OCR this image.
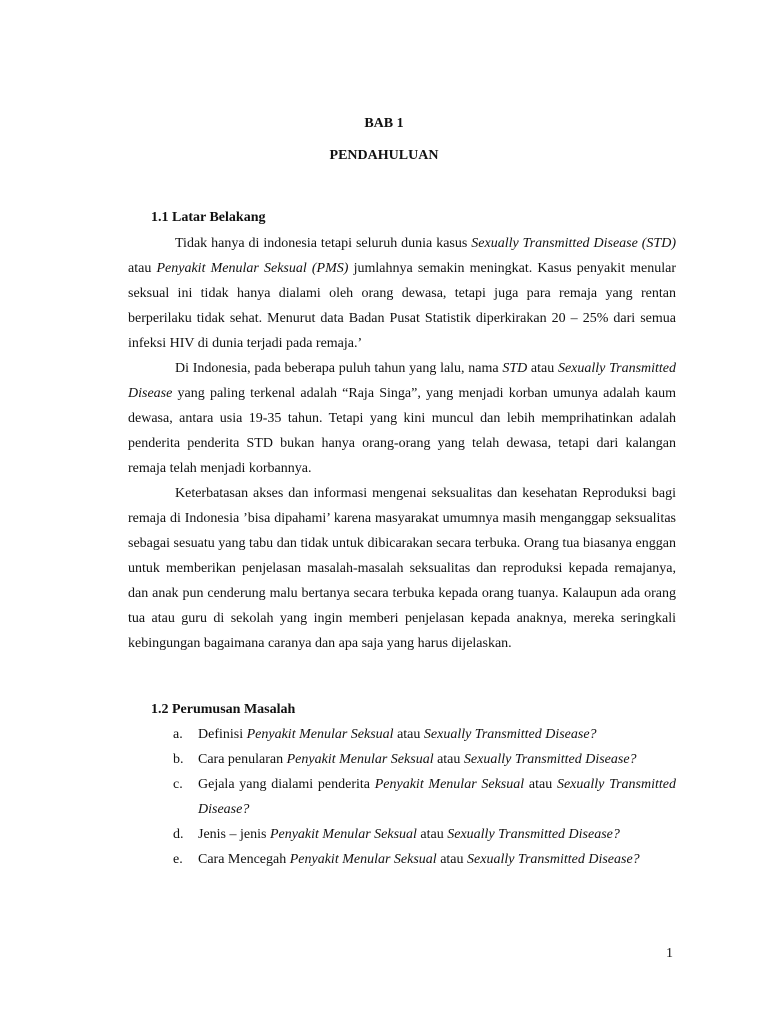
BAB 1
PENDAHULUAN
1.1 Latar Belakang

Tidak hanya di indonesia tetapi seluruh dunia kasus Sexually Transmitted Disease (STD) atau Penyakit Menular Seksual (PMS) jumlahnya semakin meningkat. Kasus penyakit menular seksual ini tidak hanya dialami oleh orang dewasa, tetapi juga para remaja yang rentan berperilaku tidak sehat. Menurut data Badan Pusat Statistik diperkirakan 20 – 25% dari semua infeksi HIV di dunia terjadi pada remaja.’

Di Indonesia, pada beberapa puluh tahun yang lalu, nama STD atau Sexually Transmitted Disease yang paling terkenal adalah “Raja Singa”, yang menjadi korban umunya adalah kaum dewasa, antara usia 19-35 tahun. Tetapi yang kini muncul dan lebih memprihatinkan adalah penderita penderita STD bukan hanya orang-orang yang telah dewasa, tetapi dari kalangan remaja telah menjadi korbannya.

Keterbatasan akses dan informasi mengenai seksualitas dan kesehatan Reproduksi bagi remaja di Indonesia ’bisa dipahami’ karena masyarakat umumnya masih menganggap seksualitas sebagai sesuatu yang tabu dan tidak untuk dibicarakan secara terbuka. Orang tua biasanya enggan untuk memberikan penjelasan masalah-masalah seksualitas dan reproduksi kepada remajanya, dan anak pun cenderung malu bertanya secara terbuka kepada orang tuanya. Kalaupun ada orang tua atau guru di sekolah yang ingin memberi penjelasan kepada anaknya, mereka seringkali kebingungan bagaimana caranya dan apa saja yang harus dijelaskan.

1.2 Perumusan Masalah
a. Definisi Penyakit Menular Seksual atau Sexually Transmitted Disease?
b. Cara penularan Penyakit Menular Seksual atau Sexually Transmitted Disease?
c. Gejala yang dialami penderita Penyakit Menular Seksual atau Sexually Transmitted Disease?
d. Jenis – jenis Penyakit Menular Seksual atau Sexually Transmitted Disease?
e. Cara Mencegah Penyakit Menular Seksual atau Sexually Transmitted Disease?
1
